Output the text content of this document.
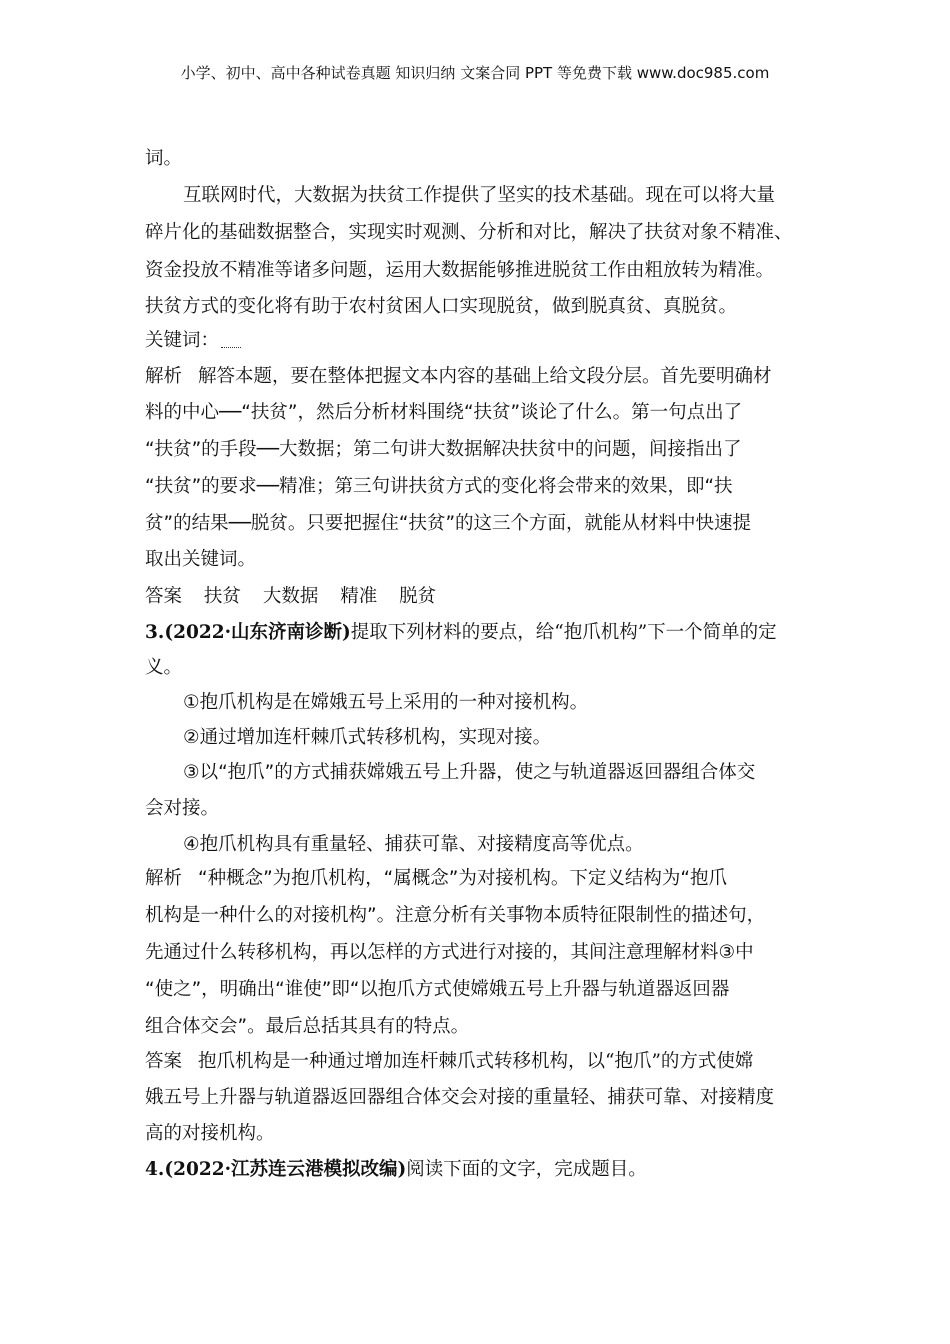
小学、初中、高中各种试卷真题 知识归纳 文案合同 PPT 等免费下载 www.doc985.com
词。
互联网时代，大数据为扶贫工作提供了坚实的技术基础。现在可以将大量
碎片化的基础数据整合，实现实时观测、分析和对比，解决了扶贫对象不精准、
资金投放不精准等诸多问题，运用大数据能够推进脱贫工作由粗放转为精准。
扶贫方式的变化将有助于农村贫困人口实现脱贫，做到脱真贫、真脱贫。
关键词：
解析 解答本题，要在整体把握文本内容的基础上给文段分层。首先要明确材
料的中心──“扶贫”，然后分析材料围绕“扶贫”谈论了什么。第一句点出了
“扶贫”的手段──大数据；第二句讲大数据解决扶贫中的问题，间接指出了
“扶贫”的要求──精准；第三句讲扶贫方式的变化将会带来的效果，即“扶
贫”的结果──脱贫。只要把握住“扶贫”的这三个方面，就能从材料中快速提
取出关键词。
答案 扶贫 大数据 精准 脱贫
3.(2022·山东济南诊断)提取下列材料的要点，给“抱爪机构”下一个简单的定
义。
①抱爪机构是在嫦娥五号上采用的一种对接机构。
②通过增加连杆棘爪式转移机构，实现对接。
③以“抱爪”的方式捕获嫦娥五号上升器，使之与轨道器返回器组合体交
会对接。
④抱爪机构具有重量轻、捕获可靠、对接精度高等优点。
解析 “种概念”为抱爪机构，“属概念”为对接机构。下定义结构为“抱爪
机构是一种什么的对接机构”。注意分析有关事物本质特征限制性的描述句，
先通过什么转移机构，再以怎样的方式进行对接的，其间注意理解材料③中
“使之”，明确出“谁使”即“以抱爪方式使嫦娥五号上升器与轨道器返回器
组合体交会”。最后总括其具有的特点。
答案 抱爪机构是一种通过增加连杆棘爪式转移机构，以“抱爪”的方式使嫦
娥五号上升器与轨道器返回器组合体交会对接的重量轻、捕获可靠、对接精度
高的对接机构。
4.(2022·江苏连云港模拟改编)阅读下面的文字，完成题目。
